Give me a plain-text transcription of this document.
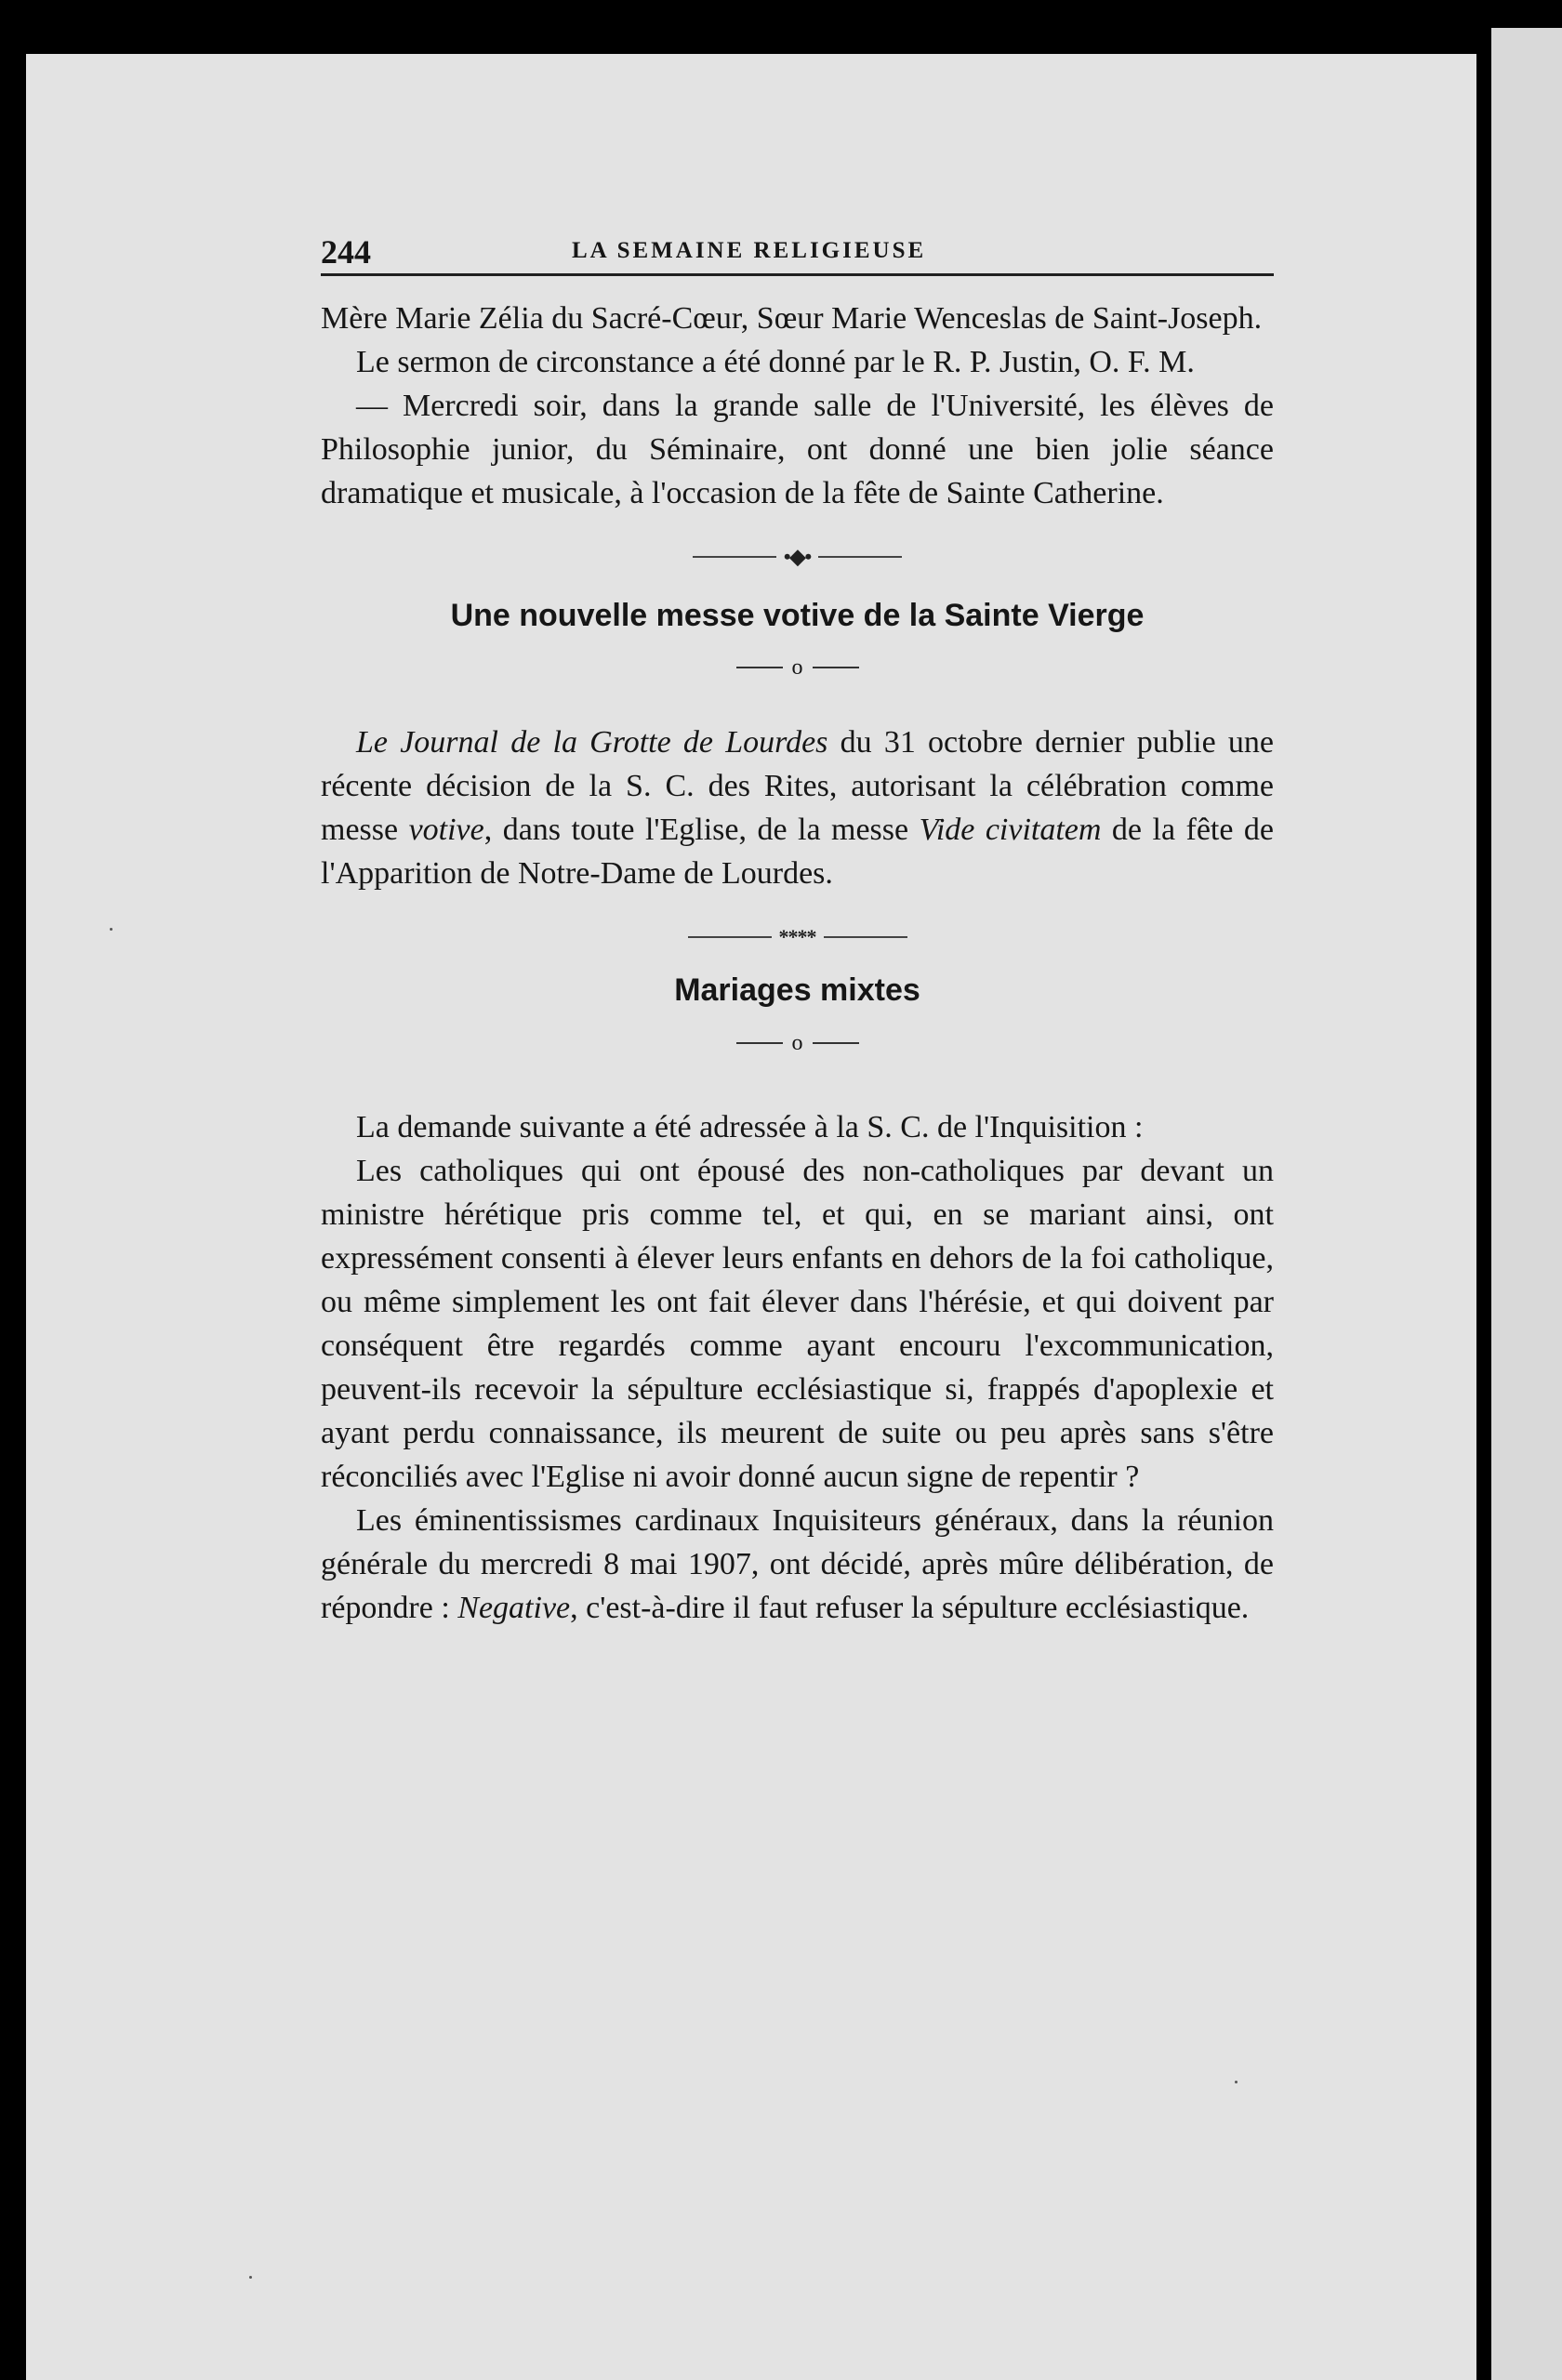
244	LA SEMAINE RELIGIEUSE

Mère Marie Zélia du Sacré-Cœur, Sœur Marie Wenceslas de Saint-Joseph.

Le sermon de circonstance a été donné par le R. P. Justin, O. F. M.

— Mercredi soir, dans la grande salle de l'Université, les élèves de Philosophie junior, du Séminaire, ont donné une bien jolie séance dramatique et musicale, à l'occasion de la fête de Sainte Catherine.

•◆•
Une nouvelle messe votive de la Sainte Vierge
o

Le Journal de la Grotte de Lourdes du 31 octobre dernier publie une récente décision de la S. C. des Rites, autorisant la célébration comme messe votive, dans toute l'Eglise, de la messe Vide civitatem de la fête de l'Apparition de Notre-Dame de Lourdes.

****
Mariages mixtes
o

La demande suivante a été adressée à la S. C. de l'Inquisition :

Les catholiques qui ont épousé des non-catholiques par devant un ministre hérétique pris comme tel, et qui, en se mariant ainsi, ont expressément consenti à élever leurs enfants en dehors de la foi catholique, ou même simplement les ont fait élever dans l'hérésie, et qui doivent par conséquent être regardés comme ayant encouru l'excommunication, peuvent-ils recevoir la sépulture ecclésiastique si, frappés d'apoplexie et ayant perdu connaissance, ils meurent de suite ou peu après sans s'être réconciliés avec l'Eglise ni avoir donné aucun signe de repentir ?

Les éminentissismes cardinaux Inquisiteurs généraux, dans la réunion générale du mercredi 8 mai 1907, ont décidé, après mûre délibération, de répondre : Negative, c'est-à-dire il faut refuser la sépulture ecclésiastique.
